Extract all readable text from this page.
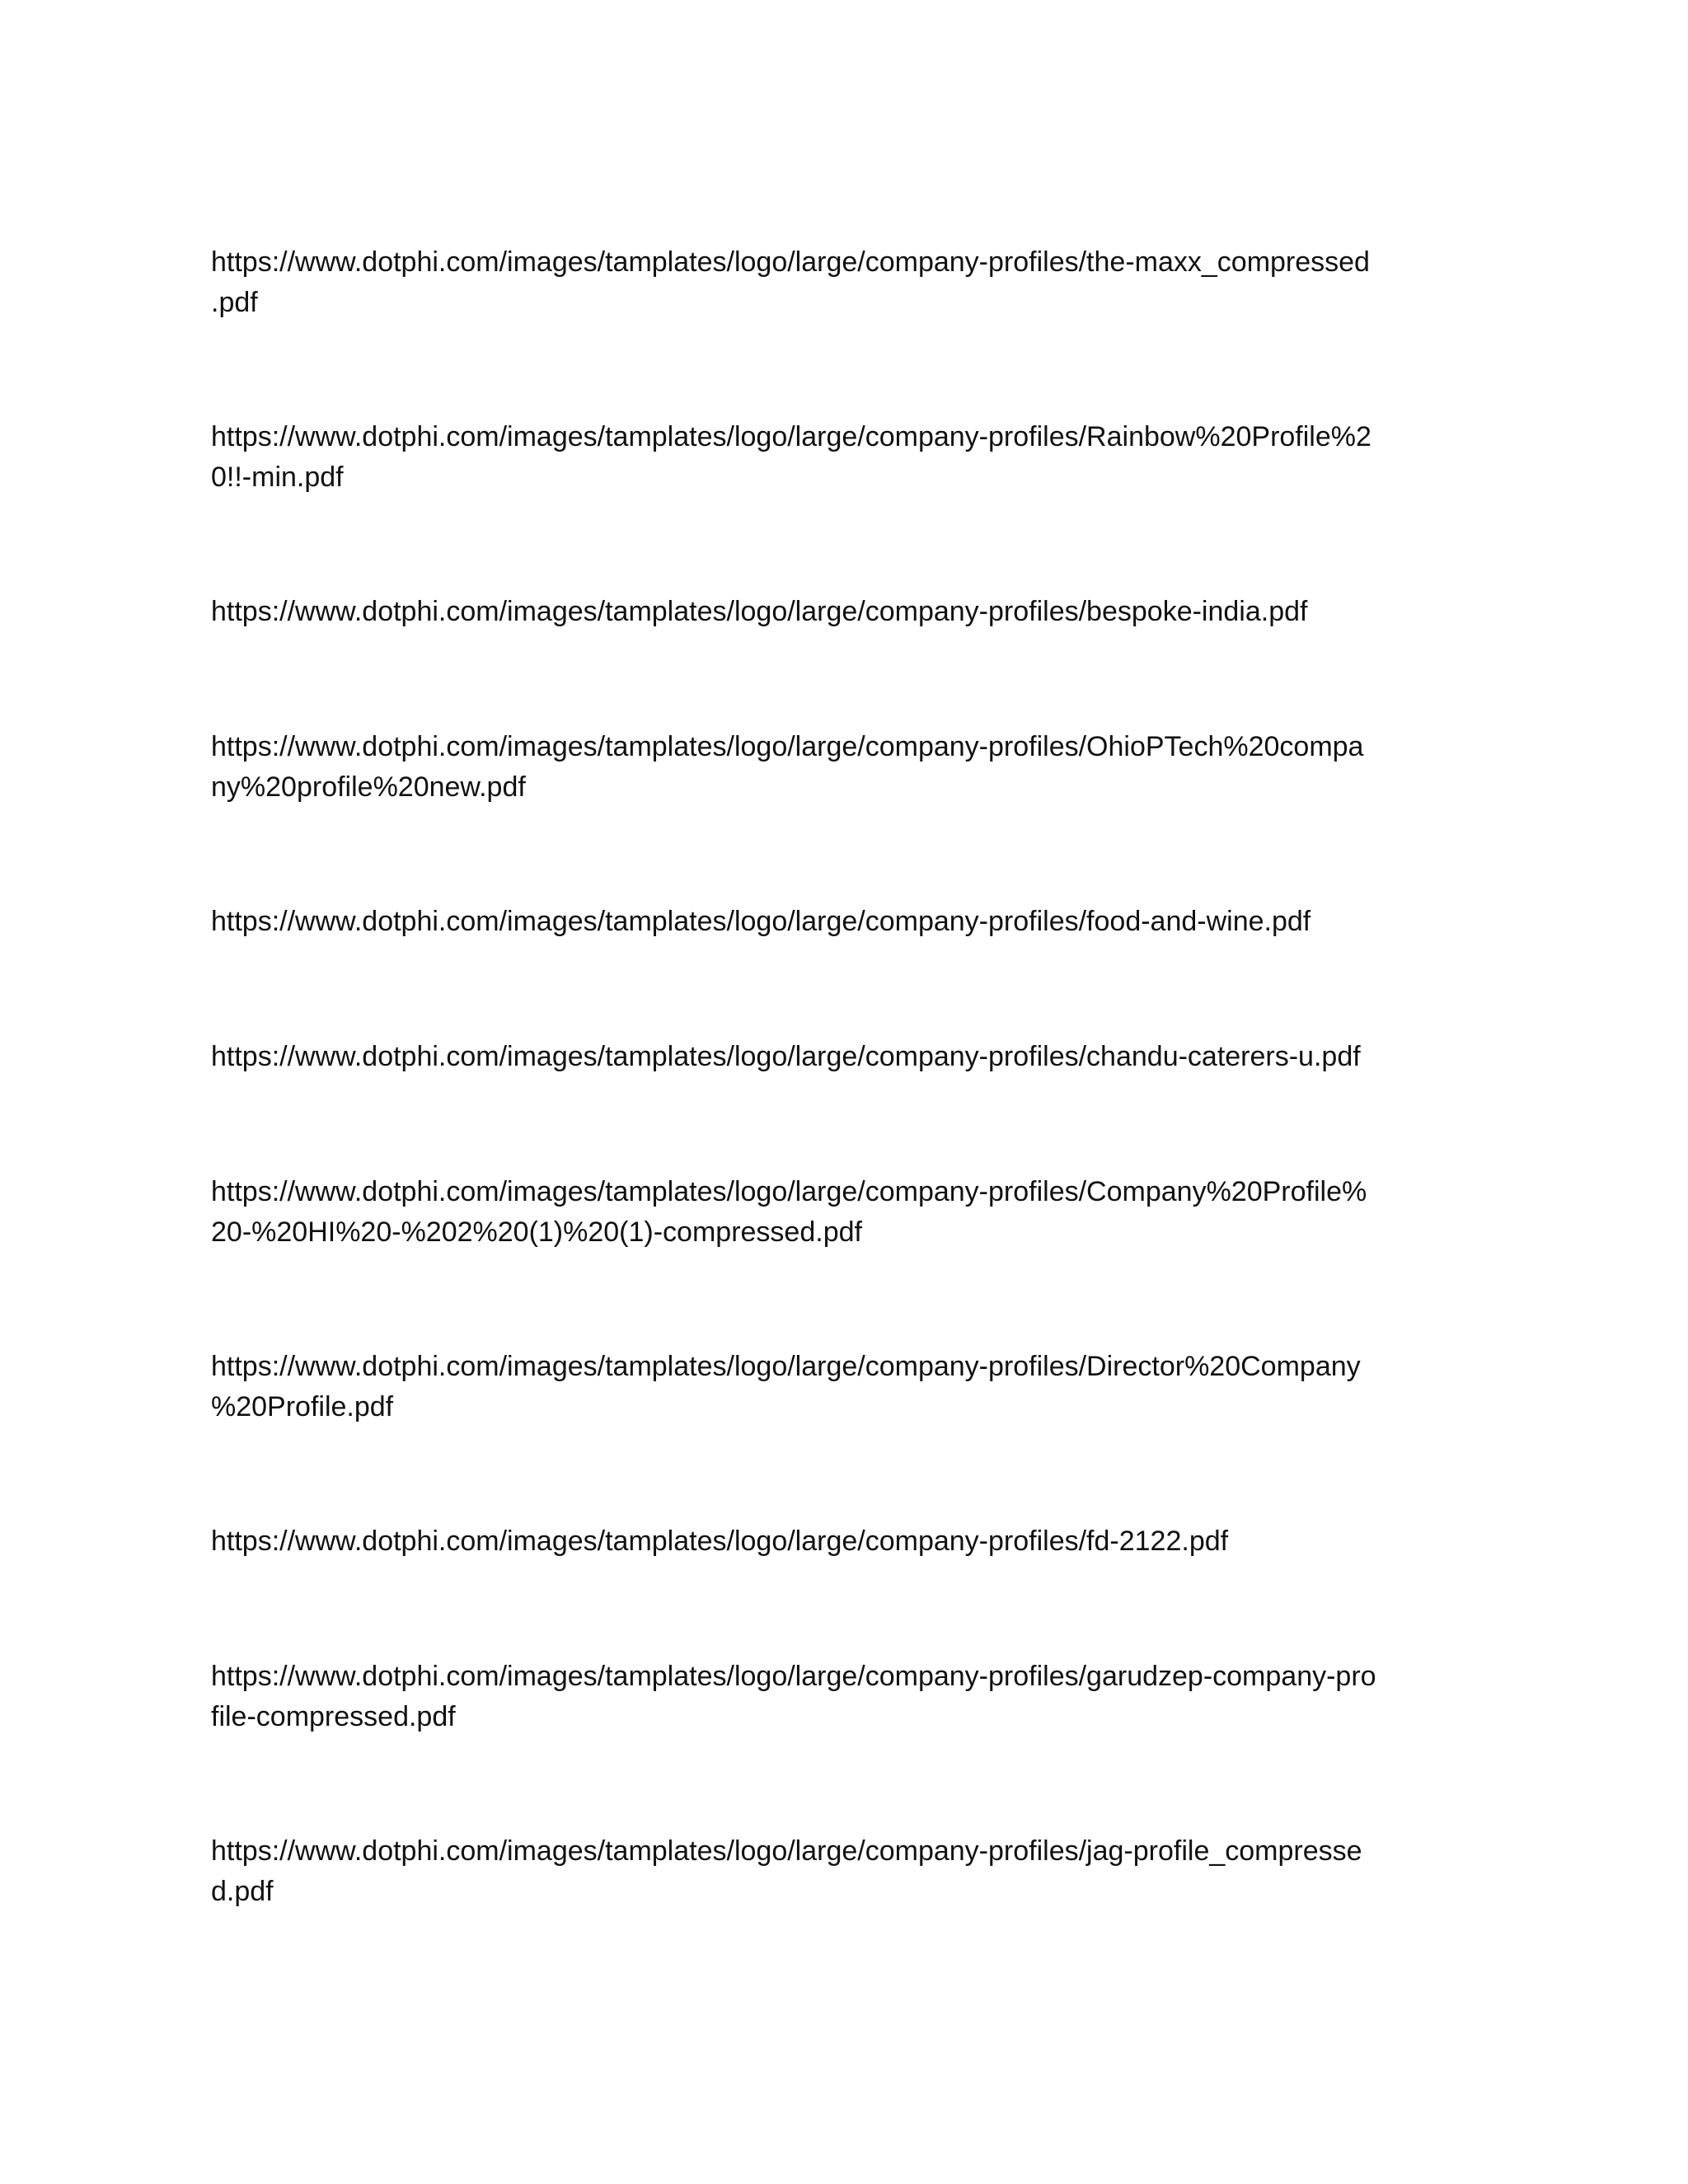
https://www.dotphi.com/images/tamplates/logo/large/company-profiles/the-maxx_compressed
.pdf

https://www.dotphi.com/images/tamplates/logo/large/company-profiles/Rainbow%20Profile%2
0!!-min.pdf

https://www.dotphi.com/images/tamplates/logo/large/company-profiles/bespoke-india.pdf

https://www.dotphi.com/images/tamplates/logo/large/company-profiles/OhioPTech%20compa
ny%20profile%20new.pdf

https://www.dotphi.com/images/tamplates/logo/large/company-profiles/food-and-wine.pdf

https://www.dotphi.com/images/tamplates/logo/large/company-profiles/chandu-caterers-u.pdf

https://www.dotphi.com/images/tamplates/logo/large/company-profiles/Company%20Profile%
20-%20HI%20-%202%20(1)%20(1)-compressed.pdf

https://www.dotphi.com/images/tamplates/logo/large/company-profiles/Director%20Company
%20Profile.pdf

https://www.dotphi.com/images/tamplates/logo/large/company-profiles/fd-2122.pdf

https://www.dotphi.com/images/tamplates/logo/large/company-profiles/garudzep-company-pro
file-compressed.pdf

https://www.dotphi.com/images/tamplates/logo/large/company-profiles/jag-profile_compresse
d.pdf
